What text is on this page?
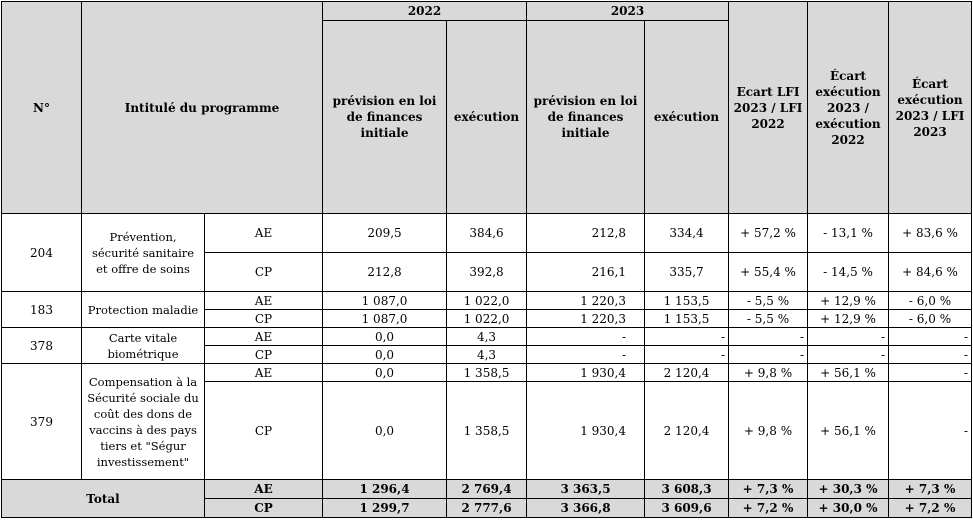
N°	Intitulé du programme		2022		2023		Ecart LFI 2023 / LFI 2022	Écart exécution 2023 / exécution 2022	Écart exécution 2023 / LFI 2023
			prévision en loi de finances initiale	exécution	prévision en loi de finances initiale	exécution			
204	Prévention, sécurité sanitaire et offre de soins	AE	209,5	384,6	212,8	334,4	+ 57,2 %	- 13,1 %	+ 83,6 %
		CP	212,8	392,8	216,1	335,7	+ 55,4 %	- 14,5 %	+ 84,6 %
183	Protection maladie	AE	1 087,0	1 022,0	1 220,3	1 153,5	- 5,5 %	+ 12,9 %	- 6,0 %
		CP	1 087,0	1 022,0	1 220,3	1 153,5	- 5,5 %	+ 12,9 %	- 6,0 %
378	Carte vitale biométrique	AE	0,0	4,3	-	-	-	-	-
		CP	0,0	4,3	-	-	-	-	-
379	Compensation à la Sécurité sociale du coût des dons de vaccins à des pays tiers et "Ségur investissement"	AE	0,0	1 358,5	1 930,4	2 120,4	+ 9,8 %	+ 56,1 %	-
		CP	0,0	1 358,5	1 930,4	2 120,4	+ 9,8 %	+ 56,1 %	-
Total		AE	1 296,4	2 769,4	3 363,5	3 608,3	+ 7,3 %	+ 30,3 %	+ 7,3 %
		CP	1 299,7	2 777,6	3 366,8	3 609,6	+ 7,2 %	+ 30,0 %	+ 7,2 %
